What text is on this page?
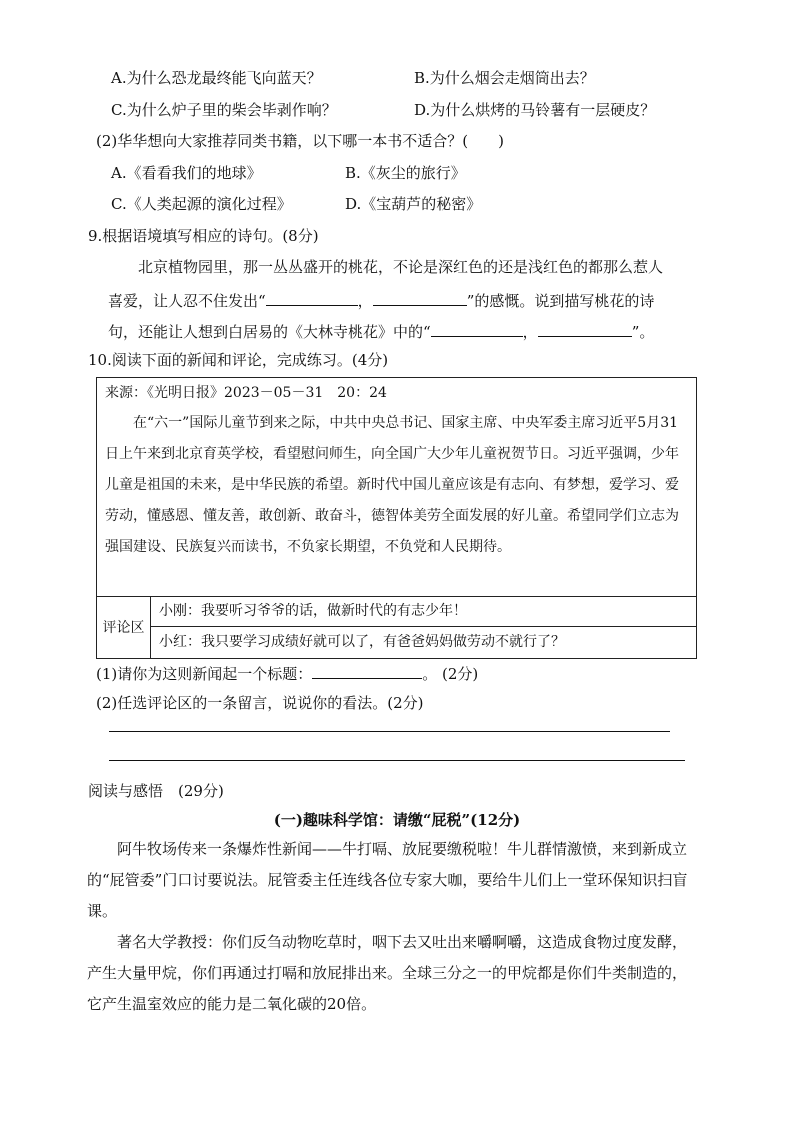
A.为什么恐龙最终能飞向蓝天？	B.为什么烟会走烟筒出去？
C.为什么炉子里的柴会毕剥作响？	D.为什么烘烤的马铃薯有一层硬皮？
(2)华华想向大家推荐同类书籍，以下哪一本书不适合？(　　)
A.《看看我们的地球》	B.《灰尘的旅行》
C.《人类起源的演化过程》	D.《宝葫芦的秘密》
9.根据语境填写相应的诗句。(8分)
北京植物园里，那一丛丛盛开的桃花，不论是深红色的还是浅红色的都那么惹人
喜爱，让人忍不住发出“	，	”的感慨。说到描写桃花的诗
句，还能让人想到白居易的《大林寺桃花》中的“	，	”。
10.阅读下面的新闻和评论，完成练习。(4分)
来源：《光明日报》2023－05－31　20：24

在“六一”国际儿童节到来之际，中共中央总书记、国家主席、中央军委主席习近平5月31日上午来到北京育英学校，看望慰问师生，向全国广大少年儿童祝贺节日。习近平强调，少年儿童是祖国的未来，是中华民族的希望。新时代中国儿童应该是有志向、有梦想，爱学习、爱劳动，懂感恩、懂友善，敢创新、敢奋斗，德智体美劳全面发展的好儿童。希望同学们立志为强国建设、民族复兴而读书，不负家长期望，不负党和人民期待。

评论区
小刚：我要听习爷爷的话，做新时代的有志少年！
小红：我只要学习成绩好就可以了，有爸爸妈妈做劳动不就行了？
(1)请你为这则新闻起一个标题：	。 (2分)
(2)任选评论区的一条留言，说说你的看法。(2分)
阅读与感悟　(29分)
(一)趣味科学馆：请缴“屁税”(12分)

阿牛牧场传来一条爆炸性新闻——牛打嗝、放屁要缴税啦！牛儿群情激愤，来到新成立的“屁管委”门口讨要说法。屁管委主任连线各位专家大咖，要给牛儿们上一堂环保知识扫盲课。

著名大学教授：你们反刍动物吃草时，咽下去又吐出来嚼啊嚼，这造成食物过度发酵，产生大量甲烷，你们再通过打嗝和放屁排出来。全球三分之一的甲烷都是你们牛类制造的，它产生温室效应的能力是二氧化碳的20倍。
